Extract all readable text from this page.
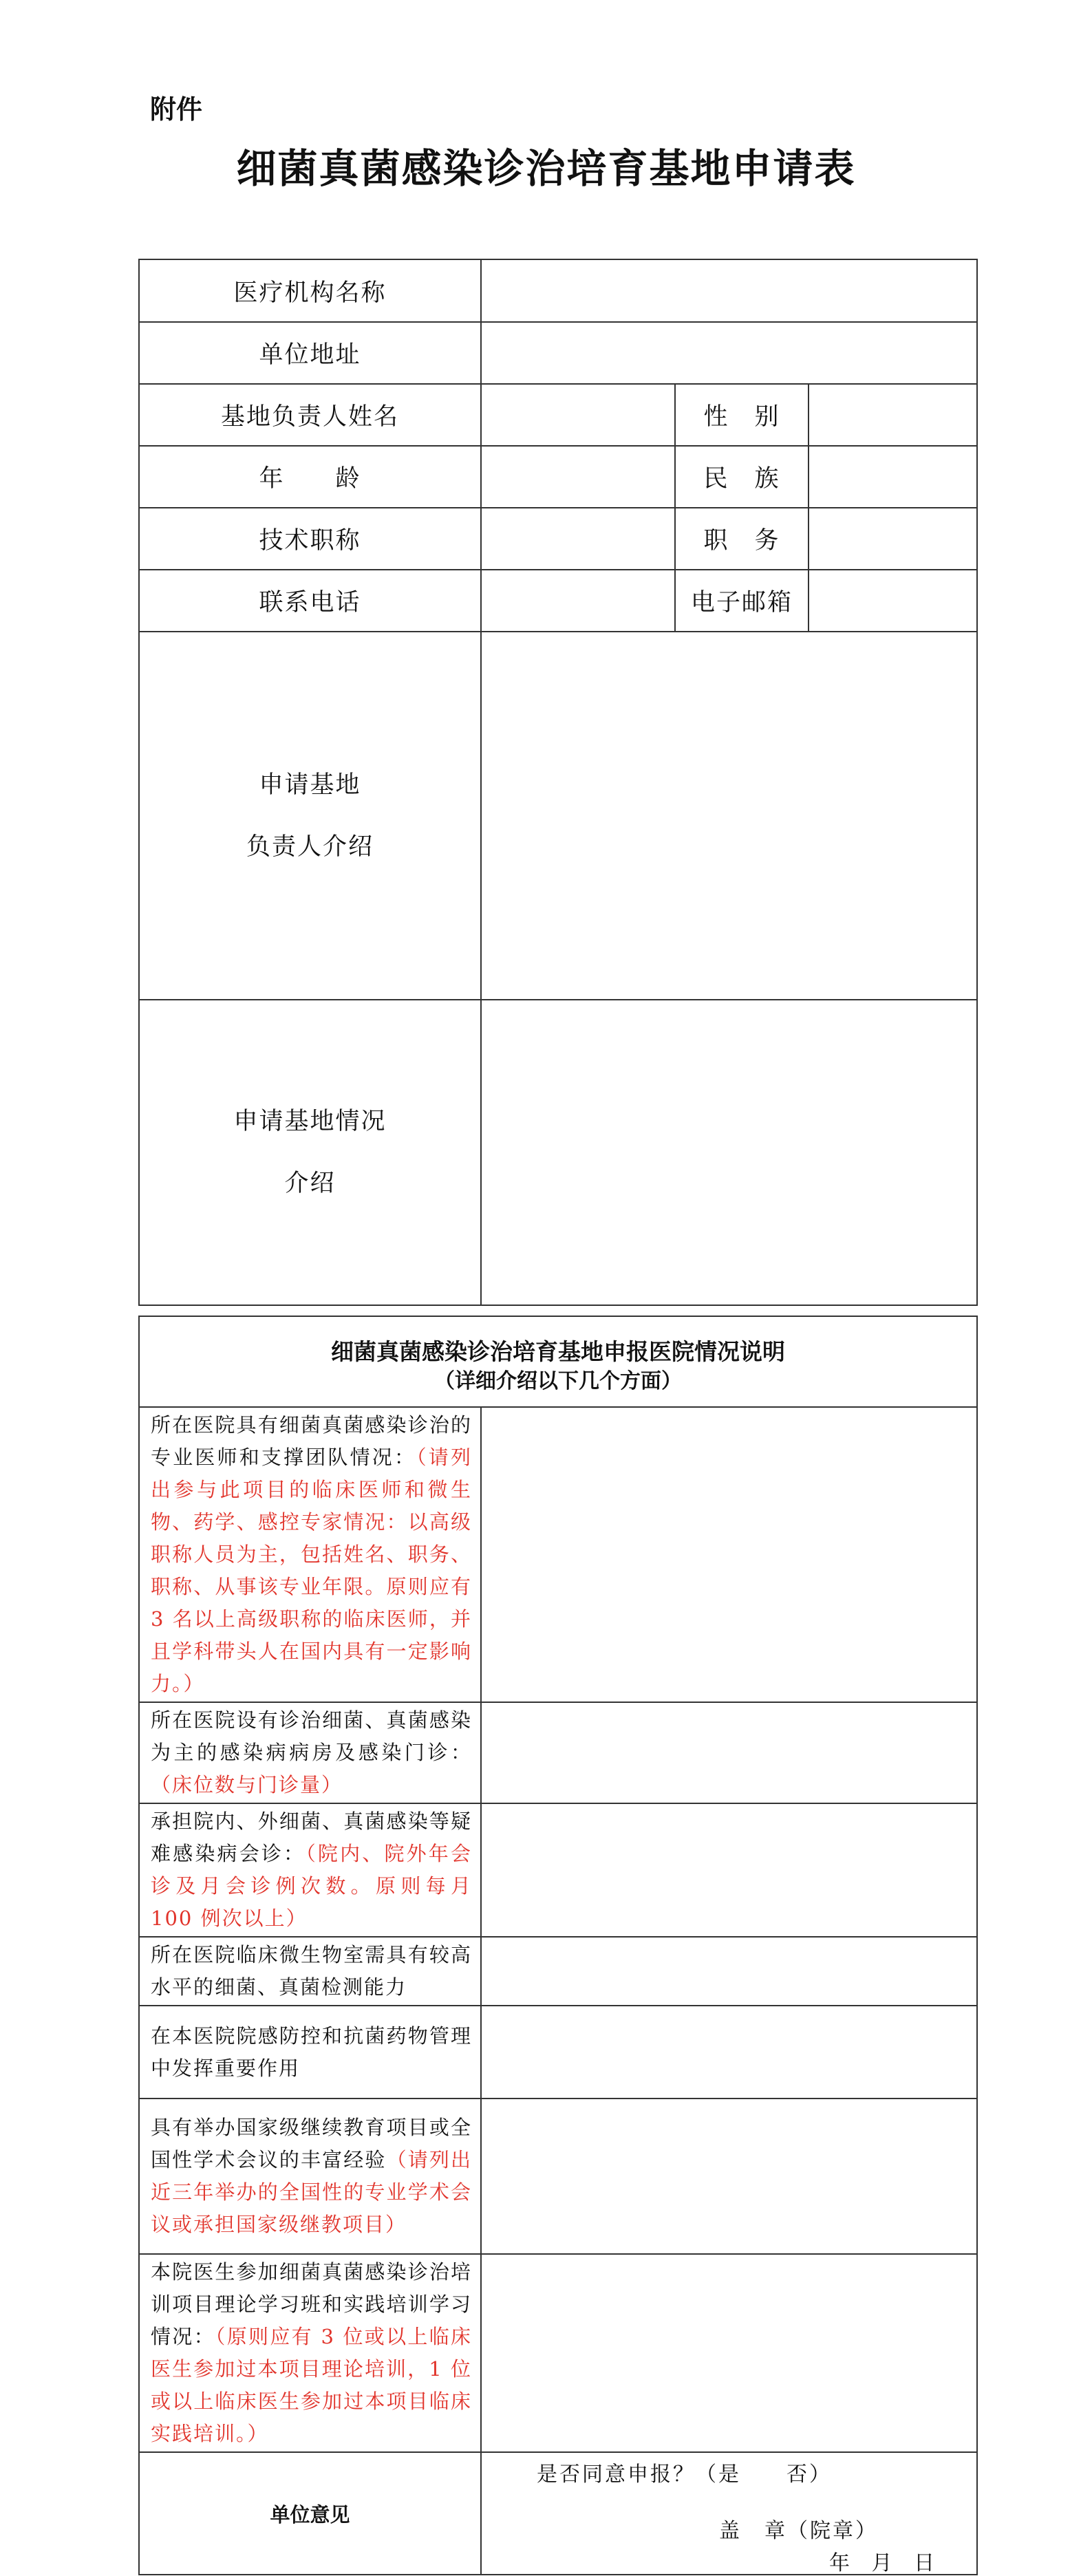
附件
细菌真菌感染诊治培育基地申请表
医疗机构名称			
单位地址			
基地负责人姓名		性　别	
年　　龄		民　族	
技术职称		职　务	
联系电话		电子邮箱	

申请基地
负责人介绍			

申请基地情况
介绍			

细菌真菌感染诊治培育基地申报医院情况说明
（详细介绍以下几个方面）	

所在医院具有细菌真菌感染诊治的专业医师和支撑团队情况：（请列出参与此项目的临床医师和微生物、药学、感控专家情况：以高级职称人员为主，包括姓名、职务、职称、从事该专业年限。原则应有 3 名以上高级职称的临床医师，并且学科带头人在国内具有一定影响力。）	
所在医院设有诊治细菌、真菌感染为主的感染病病房及感染门诊：（床位数与门诊量）	
承担院内、外细菌、真菌感染等疑难感染病会诊：（院内、院外年会诊及月会诊例次数。原则每月 100 例次以上）	
所在医院临床微生物室需具有较高水平的细菌、真菌检测能力	
在本医院院感防控和抗菌药物管理中发挥重要作用	
具有举办国家级继续教育项目或全国性学术会议的丰富经验（请列出近三年举办的全国性的专业学术会议或承担国家级继教项目）	
本院医生参加细菌真菌感染诊治培训项目理论学习班和实践培训学习情况：（原则应有 3 位或以上临床医生参加过本项目理论培训，1 位或以上临床医生参加过本项目临床实践培训。）	
单位意见	是否同意申报？（是　　否）
盖　章（院章）
年 月 日
